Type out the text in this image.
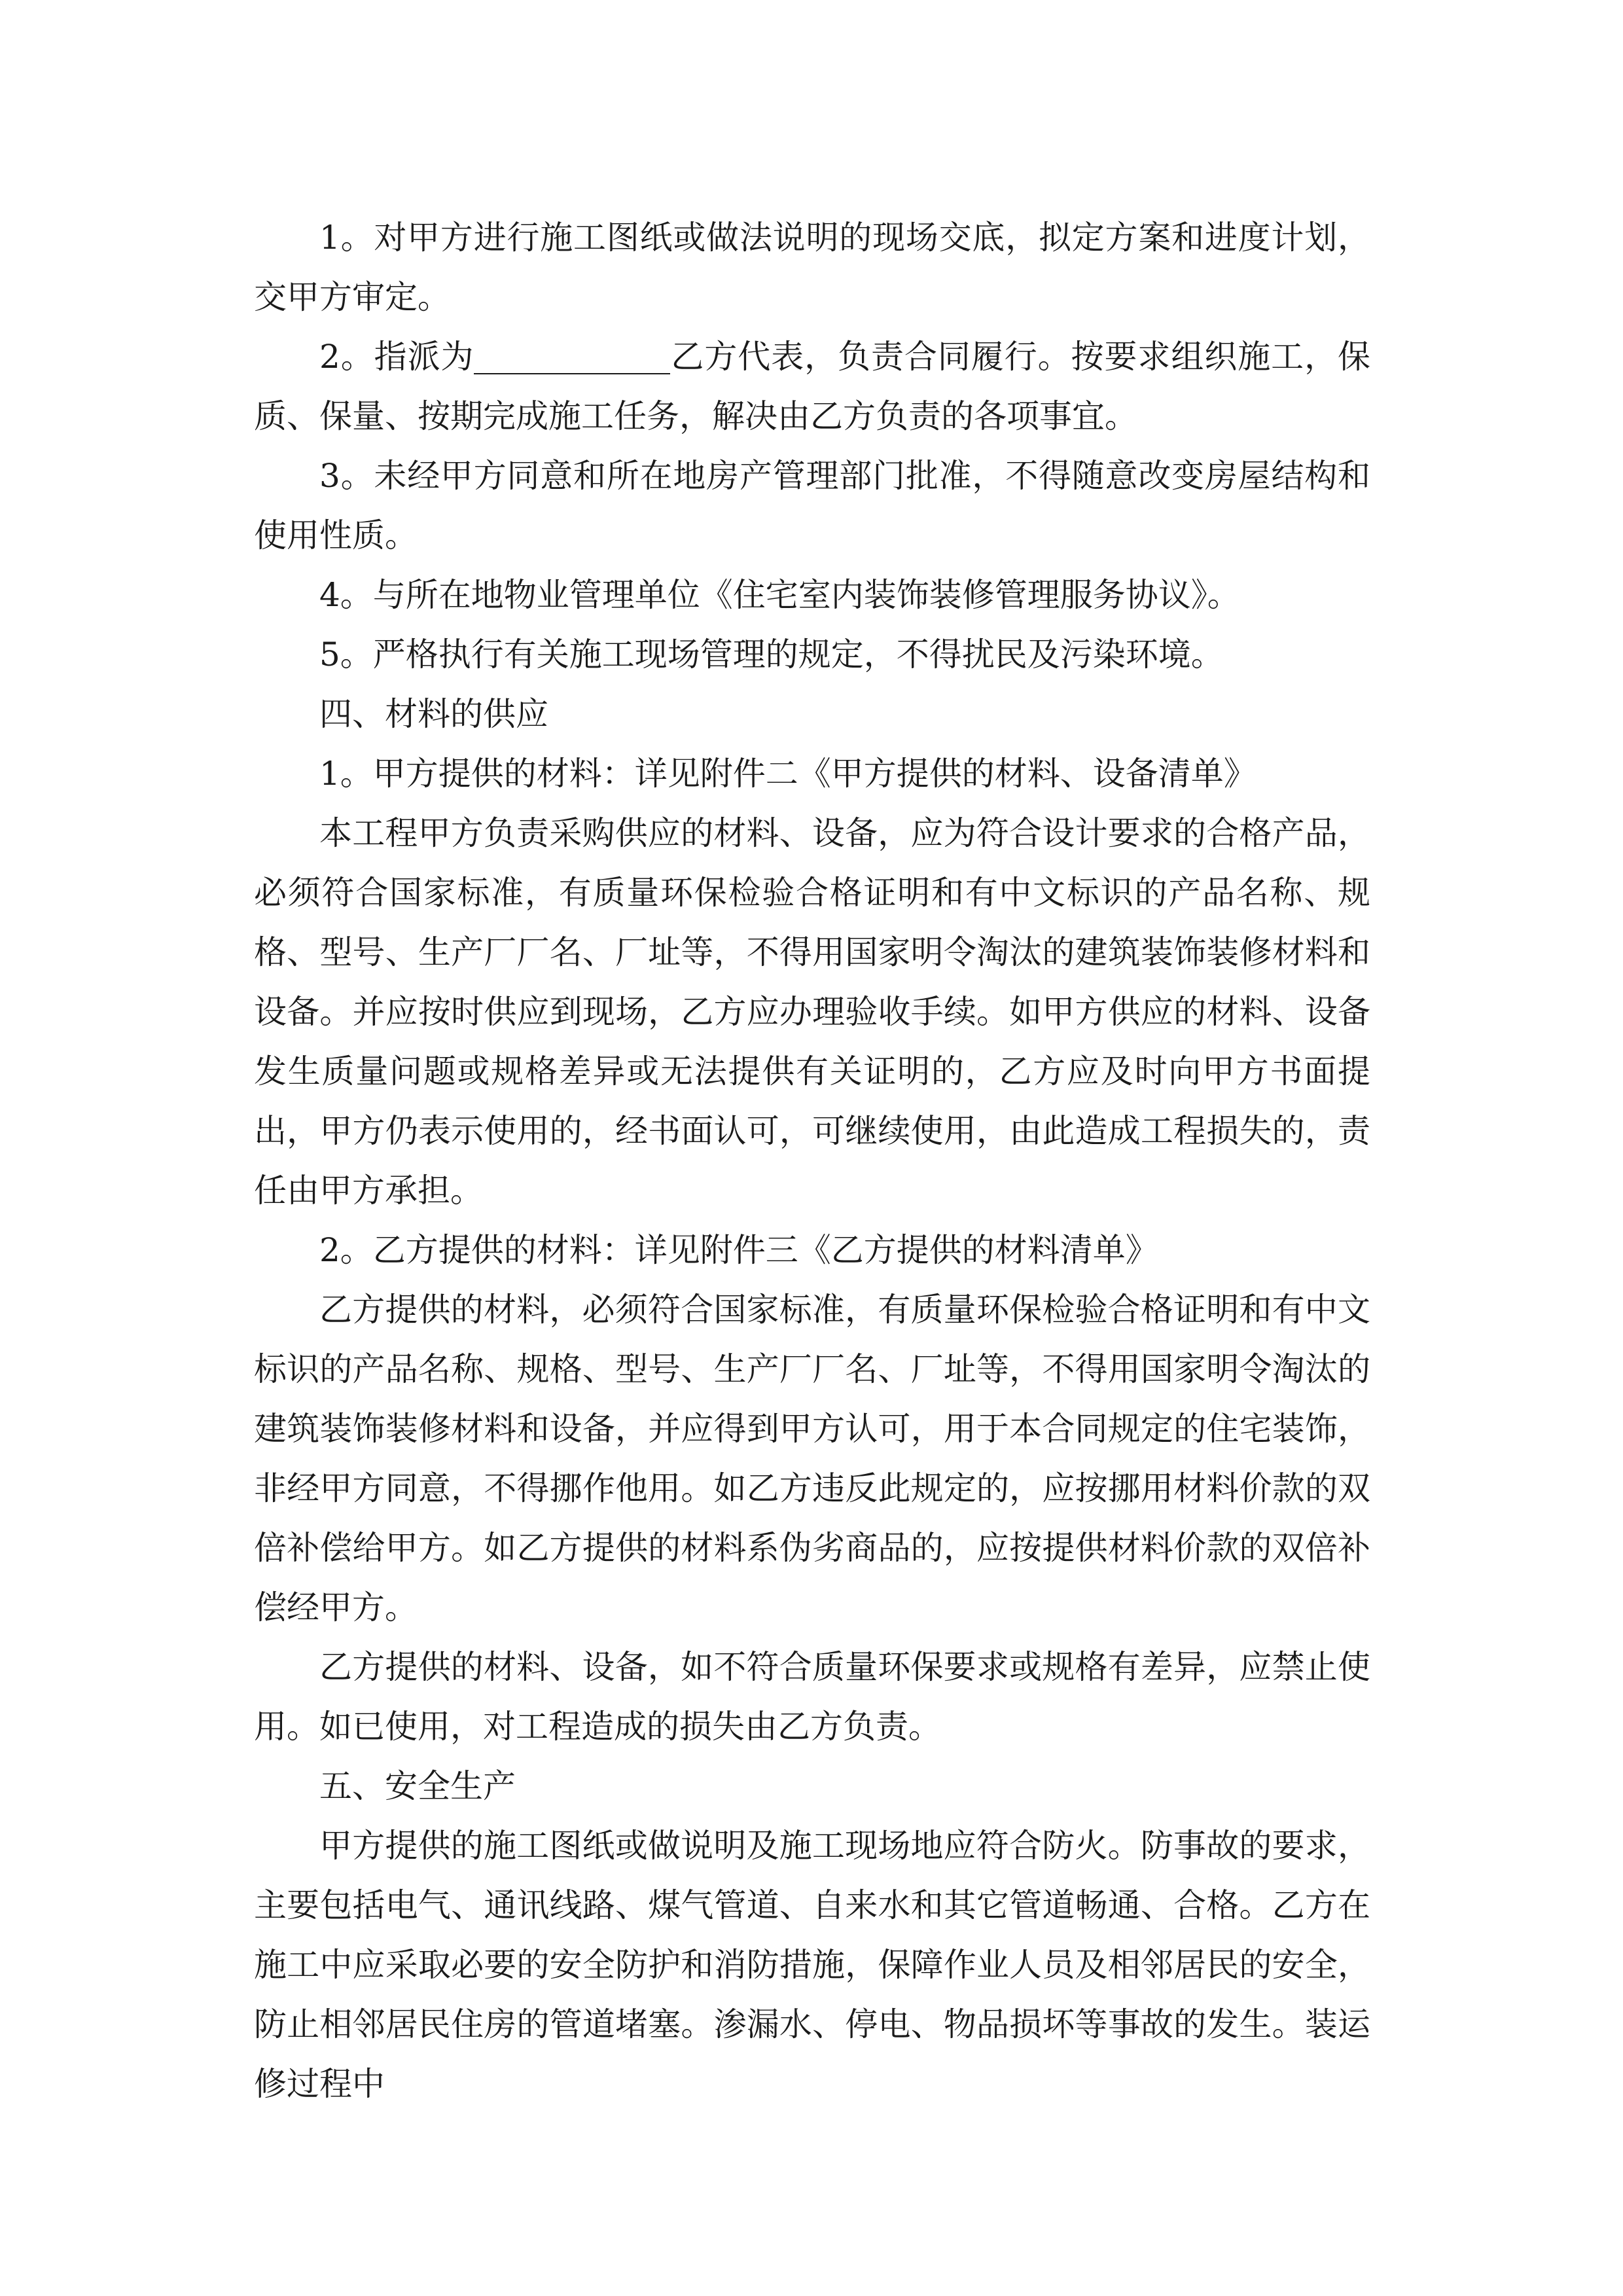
1。对甲方进行施工图纸或做法说明的现场交底，拟定方案和进度计划，交甲方审定。

2。指派为　　　　	乙方代表，负责合同履行。按要求组织施工，保质、保量、按期完成施工任务，解决由乙方负责的各项事宜。

3。未经甲方同意和所在地房产管理部门批准，不得随意改变房屋结构和使用性质。

4。与所在地物业管理单位《住宅室内装饰装修管理服务协议》。

5。严格执行有关施工现场管理的规定，不得扰民及污染环境。

四、材料的供应

1。甲方提供的材料：详见附件二《甲方提供的材料、设备清单》

本工程甲方负责采购供应的材料、设备，应为符合设计要求的合格产品，必须符合国家标准，有质量环保检验合格证明和有中文标识的产品名称、规格、型号、生产厂厂名、厂址等，不得用国家明令淘汰的建筑装饰装修材料和设备。并应按时供应到现场，乙方应办理验收手续。如甲方供应的材料、设备发生质量问题或规格差异或无法提供有关证明的，乙方应及时向甲方书面提出，甲方仍表示使用的，经书面认可，可继续使用，由此造成工程损失的，责任由甲方承担。

2。乙方提供的材料：详见附件三《乙方提供的材料清单》

乙方提供的材料，必须符合国家标准，有质量环保检验合格证明和有中文标识的产品名称、规格、型号、生产厂厂名、厂址等，不得用国家明令淘汰的建筑装饰装修材料和设备，并应得到甲方认可，用于本合同规定的住宅装饰，非经甲方同意，不得挪作他用。如乙方违反此规定的，应按挪用材料价款的双倍补偿给甲方。如乙方提供的材料系伪劣商品的，应按提供材料价款的双倍补偿经甲方。

乙方提供的材料、设备，如不符合质量环保要求或规格有差异，应禁止使用。如已使用，对工程造成的损失由乙方负责。

五、安全生产

甲方提供的施工图纸或做说明及施工现场地应符合防火。防事故的要求，主要包括电气、通讯线路、煤气管道、自来水和其它管道畅通、合格。乙方在施工中应采取必要的安全防护和消防措施，保障作业人员及相邻居民的安全，防止相邻居民住房的管道堵塞。渗漏水、停电、物品损坏等事故的发生。装运修过程中
